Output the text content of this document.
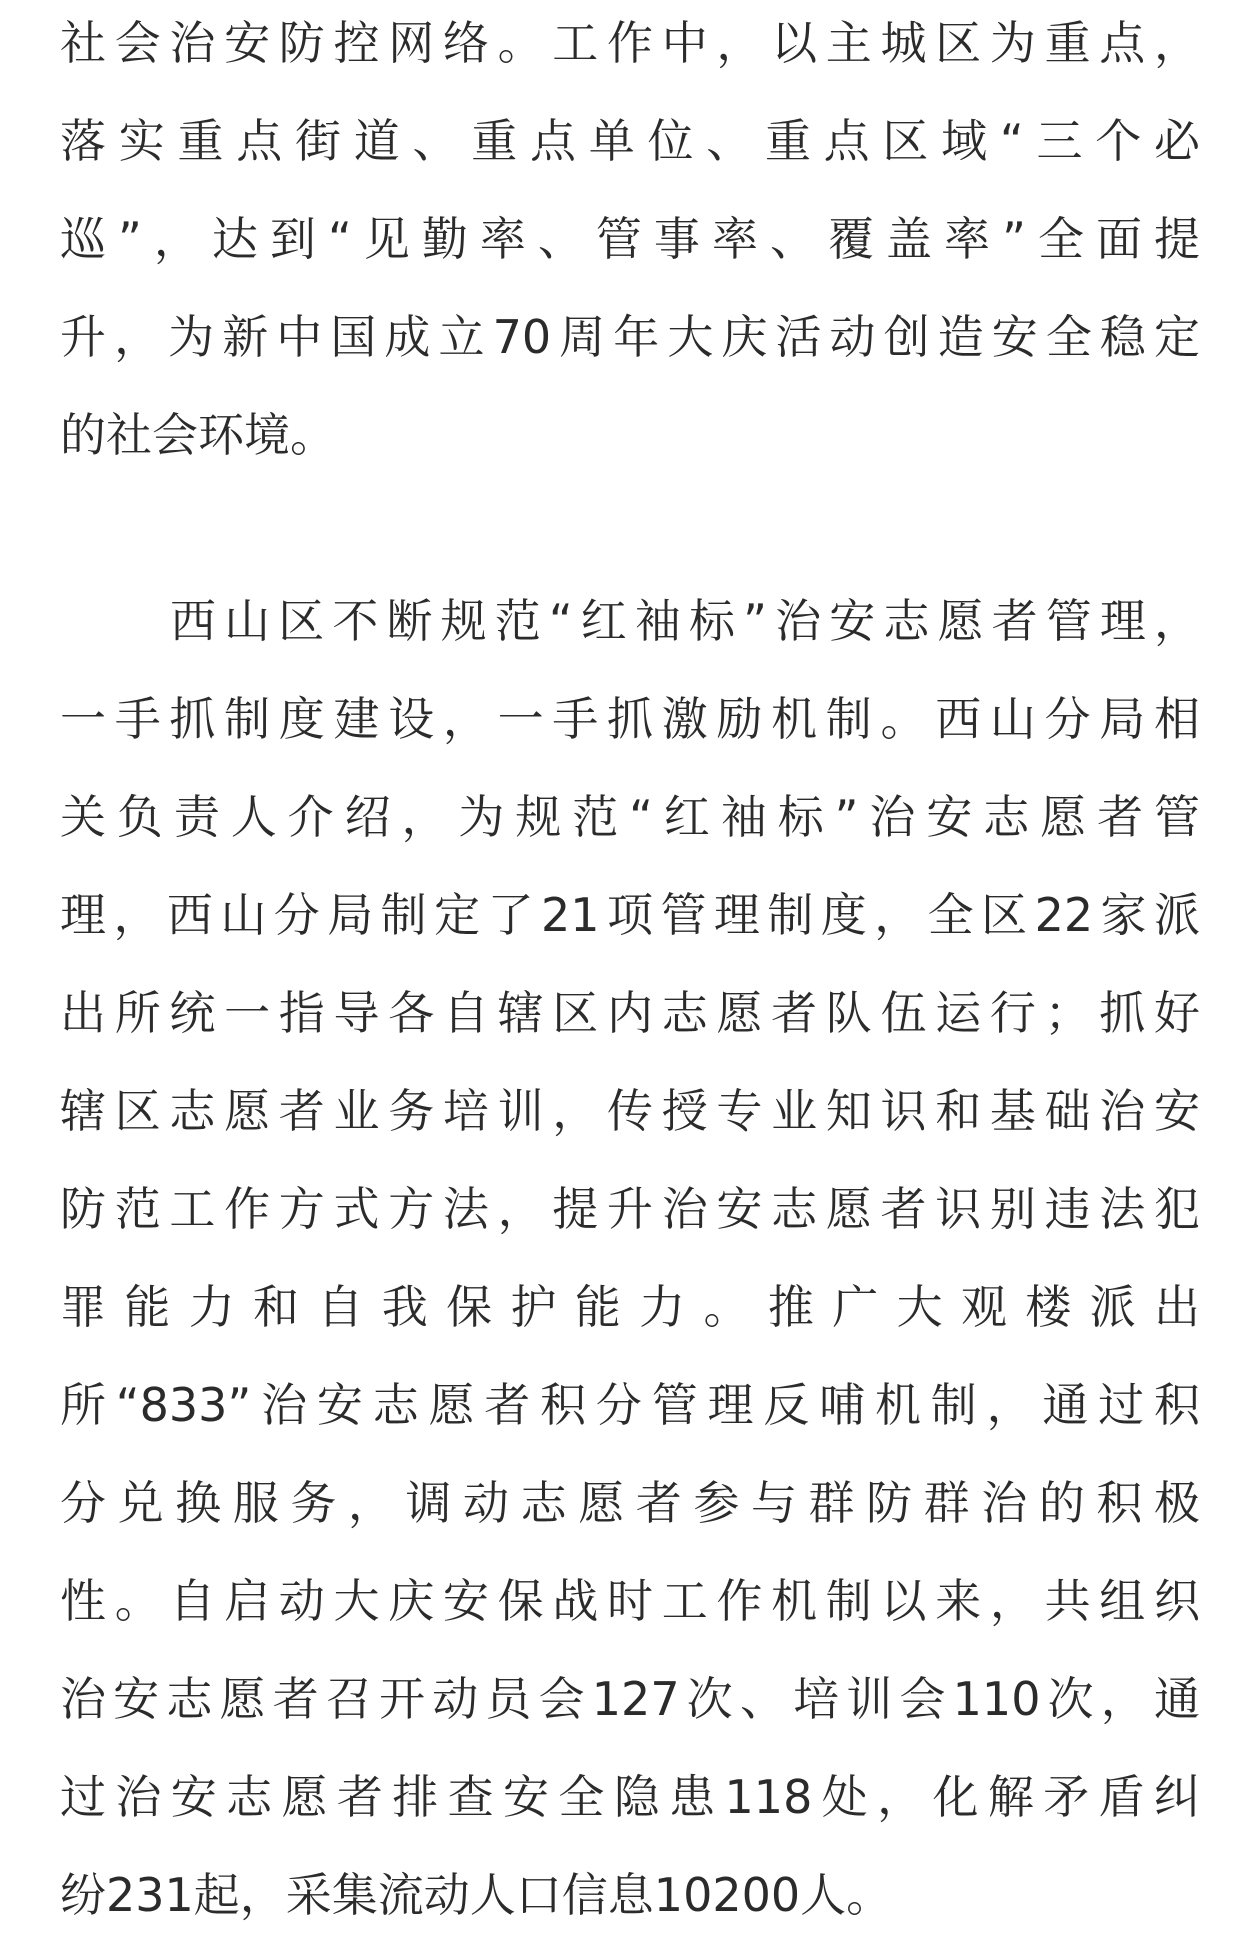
社会治安防控网络。工作中，以主城区为重点，
落实重点街道、重点单位、重点区域“三个必
巡”，达到“见勤率、管事率、覆盖率”全面提
升，为新中国成立70周年大庆活动创造安全稳定
的社会环境。
西山区不断规范“红袖标”治安志愿者管理，
一手抓制度建设，一手抓激励机制。西山分局相
关负责人介绍，为规范“红袖标”治安志愿者管
理，西山分局制定了21项管理制度，全区22家派
出所统一指导各自辖区内志愿者队伍运行；抓好
辖区志愿者业务培训，传授专业知识和基础治安
防范工作方式方法，提升治安志愿者识别违法犯
罪能力和自我保护能力。推广大观楼派出
所“833”治安志愿者积分管理反哺机制，通过积
分兑换服务，调动志愿者参与群防群治的积极
性。自启动大庆安保战时工作机制以来，共组织
治安志愿者召开动员会127次、培训会110次，通
过治安志愿者排查安全隐患118处，化解矛盾纠
纷231起，采集流动人口信息10200人。
